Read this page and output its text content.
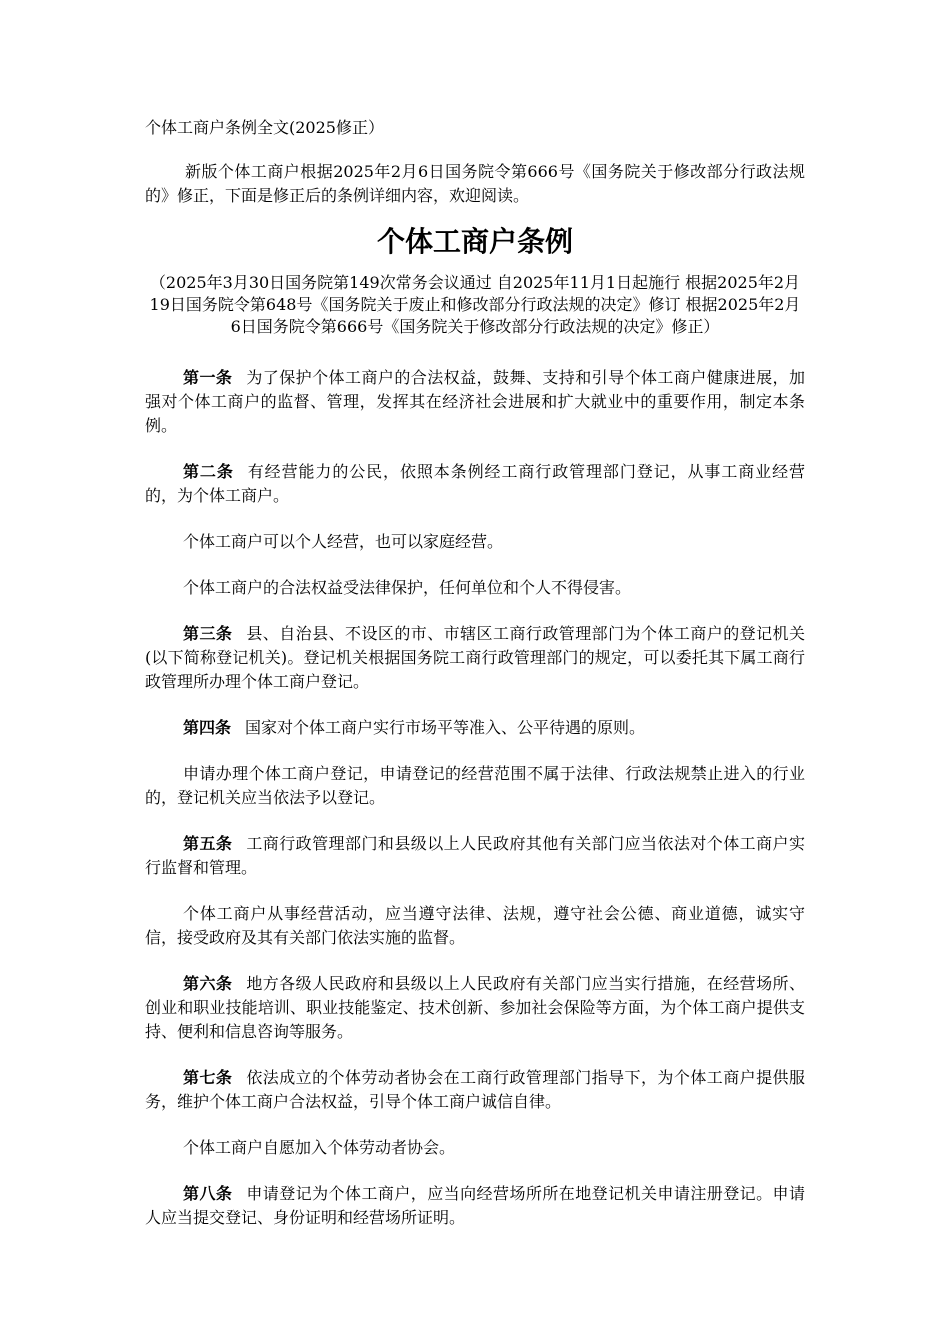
个体工商户条例全文(2025修正）

新版个体工商户根据2025年2月6日国务院令第666号《国务院关于修改部分行政法规的》修正，下面是修正后的条例详细内容，欢迎阅读。

个体工商户条例

（2025年3月30日国务院第149次常务会议通过 自2025年11月1日起施行 根据2025年2月19日国务院令第648号《国务院关于废止和修改部分行政法规的决定》修订 根据2025年2月6日国务院令第666号《国务院关于修改部分行政法规的决定》修正）

第一条 为了保护个体工商户的合法权益，鼓舞、支持和引导个体工商户健康进展，加强对个体工商户的监督、管理，发挥其在经济社会进展和扩大就业中的重要作用，制定本条例。

第二条 有经营能力的公民，依照本条例经工商行政管理部门登记，从事工商业经营的，为个体工商户。

个体工商户可以个人经营，也可以家庭经营。

个体工商户的合法权益受法律保护，任何单位和个人不得侵害。

第三条 县、自治县、不设区的市、市辖区工商行政管理部门为个体工商户的登记机关(以下简称登记机关)。登记机关根据国务院工商行政管理部门的规定，可以委托其下属工商行政管理所办理个体工商户登记。

第四条 国家对个体工商户实行市场平等准入、公平待遇的原则。

申请办理个体工商户登记，申请登记的经营范围不属于法律、行政法规禁止进入的行业的，登记机关应当依法予以登记。

第五条 工商行政管理部门和县级以上人民政府其他有关部门应当依法对个体工商户实行监督和管理。

个体工商户从事经营活动，应当遵守法律、法规，遵守社会公德、商业道德，诚实守信，接受政府及其有关部门依法实施的监督。

第六条 地方各级人民政府和县级以上人民政府有关部门应当实行措施，在经营场所、创业和职业技能培训、职业技能鉴定、技术创新、参加社会保险等方面，为个体工商户提供支持、便利和信息咨询等服务。

第七条 依法成立的个体劳动者协会在工商行政管理部门指导下，为个体工商户提供服务，维护个体工商户合法权益，引导个体工商户诚信自律。

个体工商户自愿加入个体劳动者协会。

第八条 申请登记为个体工商户，应当向经营场所所在地登记机关申请注册登记。申请人应当提交登记、身份证明和经营场所证明。
